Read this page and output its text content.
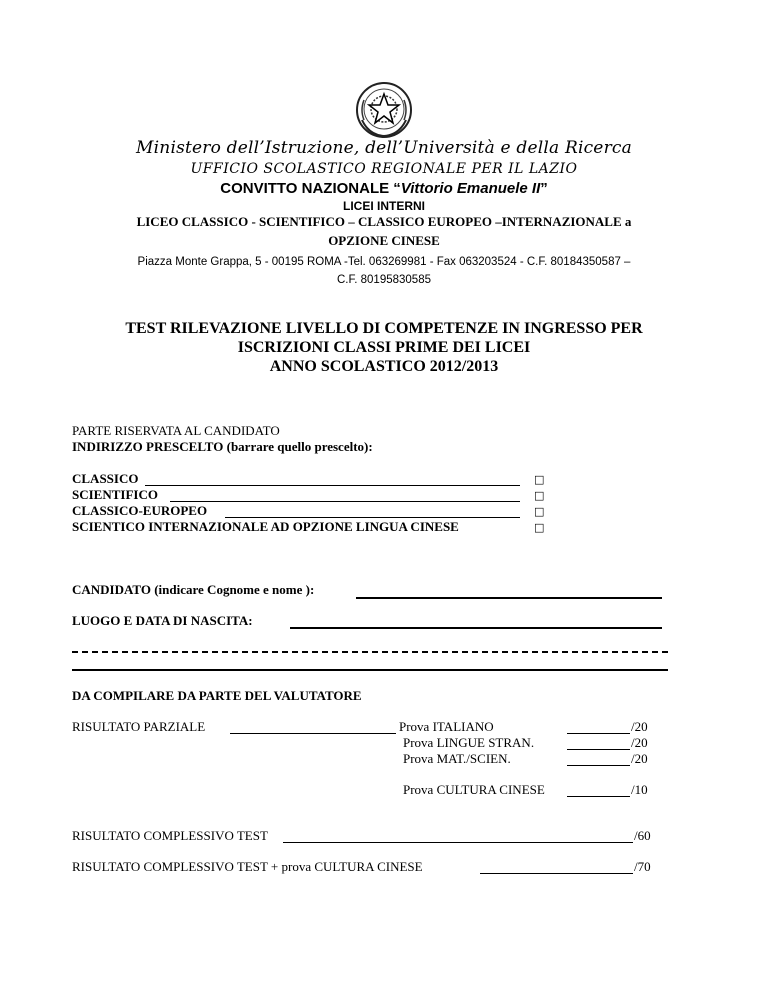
Ministero dell’Istruzione, dell’Università e della Ricerca
UFFICIO SCOLASTICO REGIONALE PER IL LAZIO
CONVITTO NAZIONALE “Vittorio Emanuele II”
LICEI INTERNI
LICEO CLASSICO - SCIENTIFICO – CLASSICO EUROPEO –INTERNAZIONALE a
OPZIONE CINESE
Piazza Monte Grappa, 5 - 00195 ROMA -Tel. 063269981 - Fax 063203524 - C.F. 80184350587 –
C.F. 80195830585
TEST RILEVAZIONE LIVELLO DI COMPETENZE IN INGRESSO PER
ISCRIZIONI CLASSI PRIME DEI LICEI
ANNO SCOLASTICO 2012/2013
PARTE RISERVATA AL CANDIDATO
INDIRIZZO PRESCELTO (barrare quello prescelto):
CLASSICO	□
SCIENTIFICO	□
CLASSICO-EUROPEO	□
SCIENTICO INTERNAZIONALE AD OPZIONE LINGUA CINESE	□
CANDIDATO (indicare Cognome e nome ):
LUOGO E DATA DI NASCITA:
DA COMPILARE DA PARTE DEL VALUTATORE
RISULTATO PARZIALE	Prova ITALIANO	/20
Prova LINGUE STRAN.	/20
Prova MAT./SCIEN.	/20
Prova CULTURA CINESE	/10
RISULTATO COMPLESSIVO TEST	/60
RISULTATO COMPLESSIVO TEST + prova CULTURA CINESE	/70
